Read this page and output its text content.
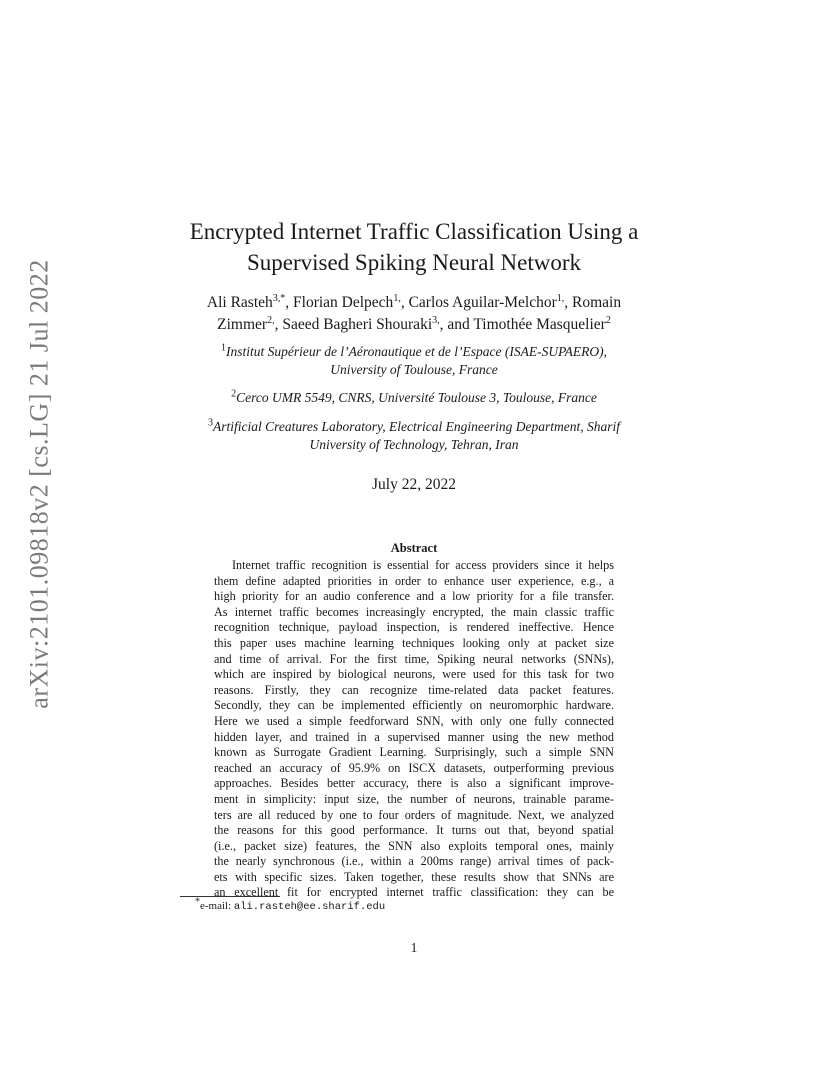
arXiv:2101.09818v2 [cs.LG] 21 Jul 2022
Encrypted Internet Traffic Classification Using a
Supervised Spiking Neural Network
Ali Rasteh$^{3,*}$, Florian Delpech$^{1,}$, Carlos Aguilar-Melchor$^{1,}$, Romain
Zimmer$^{2,}$, Saeed Bagheri Shouraki$^{3,}$, and Timothée Masquelier$^2$
$^1$Institut Supérieur de l’Aéronautique et de l’Espace (ISAE-SUPAERO),
University of Toulouse, France
$^2$Cerco UMR 5549, CNRS, Université Toulouse 3, Toulouse, France
$^3$Artificial Creatures Laboratory, Electrical Engineering Department, Sharif
University of Technology, Tehran, Iran
July 22, 2022
Abstract
Internet traffic recognition is essential for access providers since it helps
them define adapted priorities in order to enhance user experience, e.g., a
high priority for an audio conference and a low priority for a file transfer.
As internet traffic becomes increasingly encrypted, the main classic traffic
recognition technique, payload inspection, is rendered ineffective. Hence
this paper uses machine learning techniques looking only at packet size
and time of arrival. For the first time, Spiking neural networks (SNNs),
which are inspired by biological neurons, were used for this task for two
reasons. Firstly, they can recognize time-related data packet features.
Secondly, they can be implemented efficiently on neuromorphic hardware.
Here we used a simple feedforward SNN, with only one fully connected
hidden layer, and trained in a supervised manner using the new method
known as Surrogate Gradient Learning. Surprisingly, such a simple SNN
reached an accuracy of 95.9% on ISCX datasets, outperforming previous
approaches. Besides better accuracy, there is also a significant improve-
ment in simplicity: input size, the number of neurons, trainable parame-
ters are all reduced by one to four orders of magnitude. Next, we analyzed
the reasons for this good performance. It turns out that, beyond spatial
(i.e., packet size) features, the SNN also exploits temporal ones, mainly
the nearly synchronous (i.e., within a 200ms range) arrival times of pack-
ets with specific sizes. Taken together, these results show that SNNs are
an excellent fit for encrypted internet traffic classification: they can be
*e-mail: ali.rasteh@ee.sharif.edu
1
